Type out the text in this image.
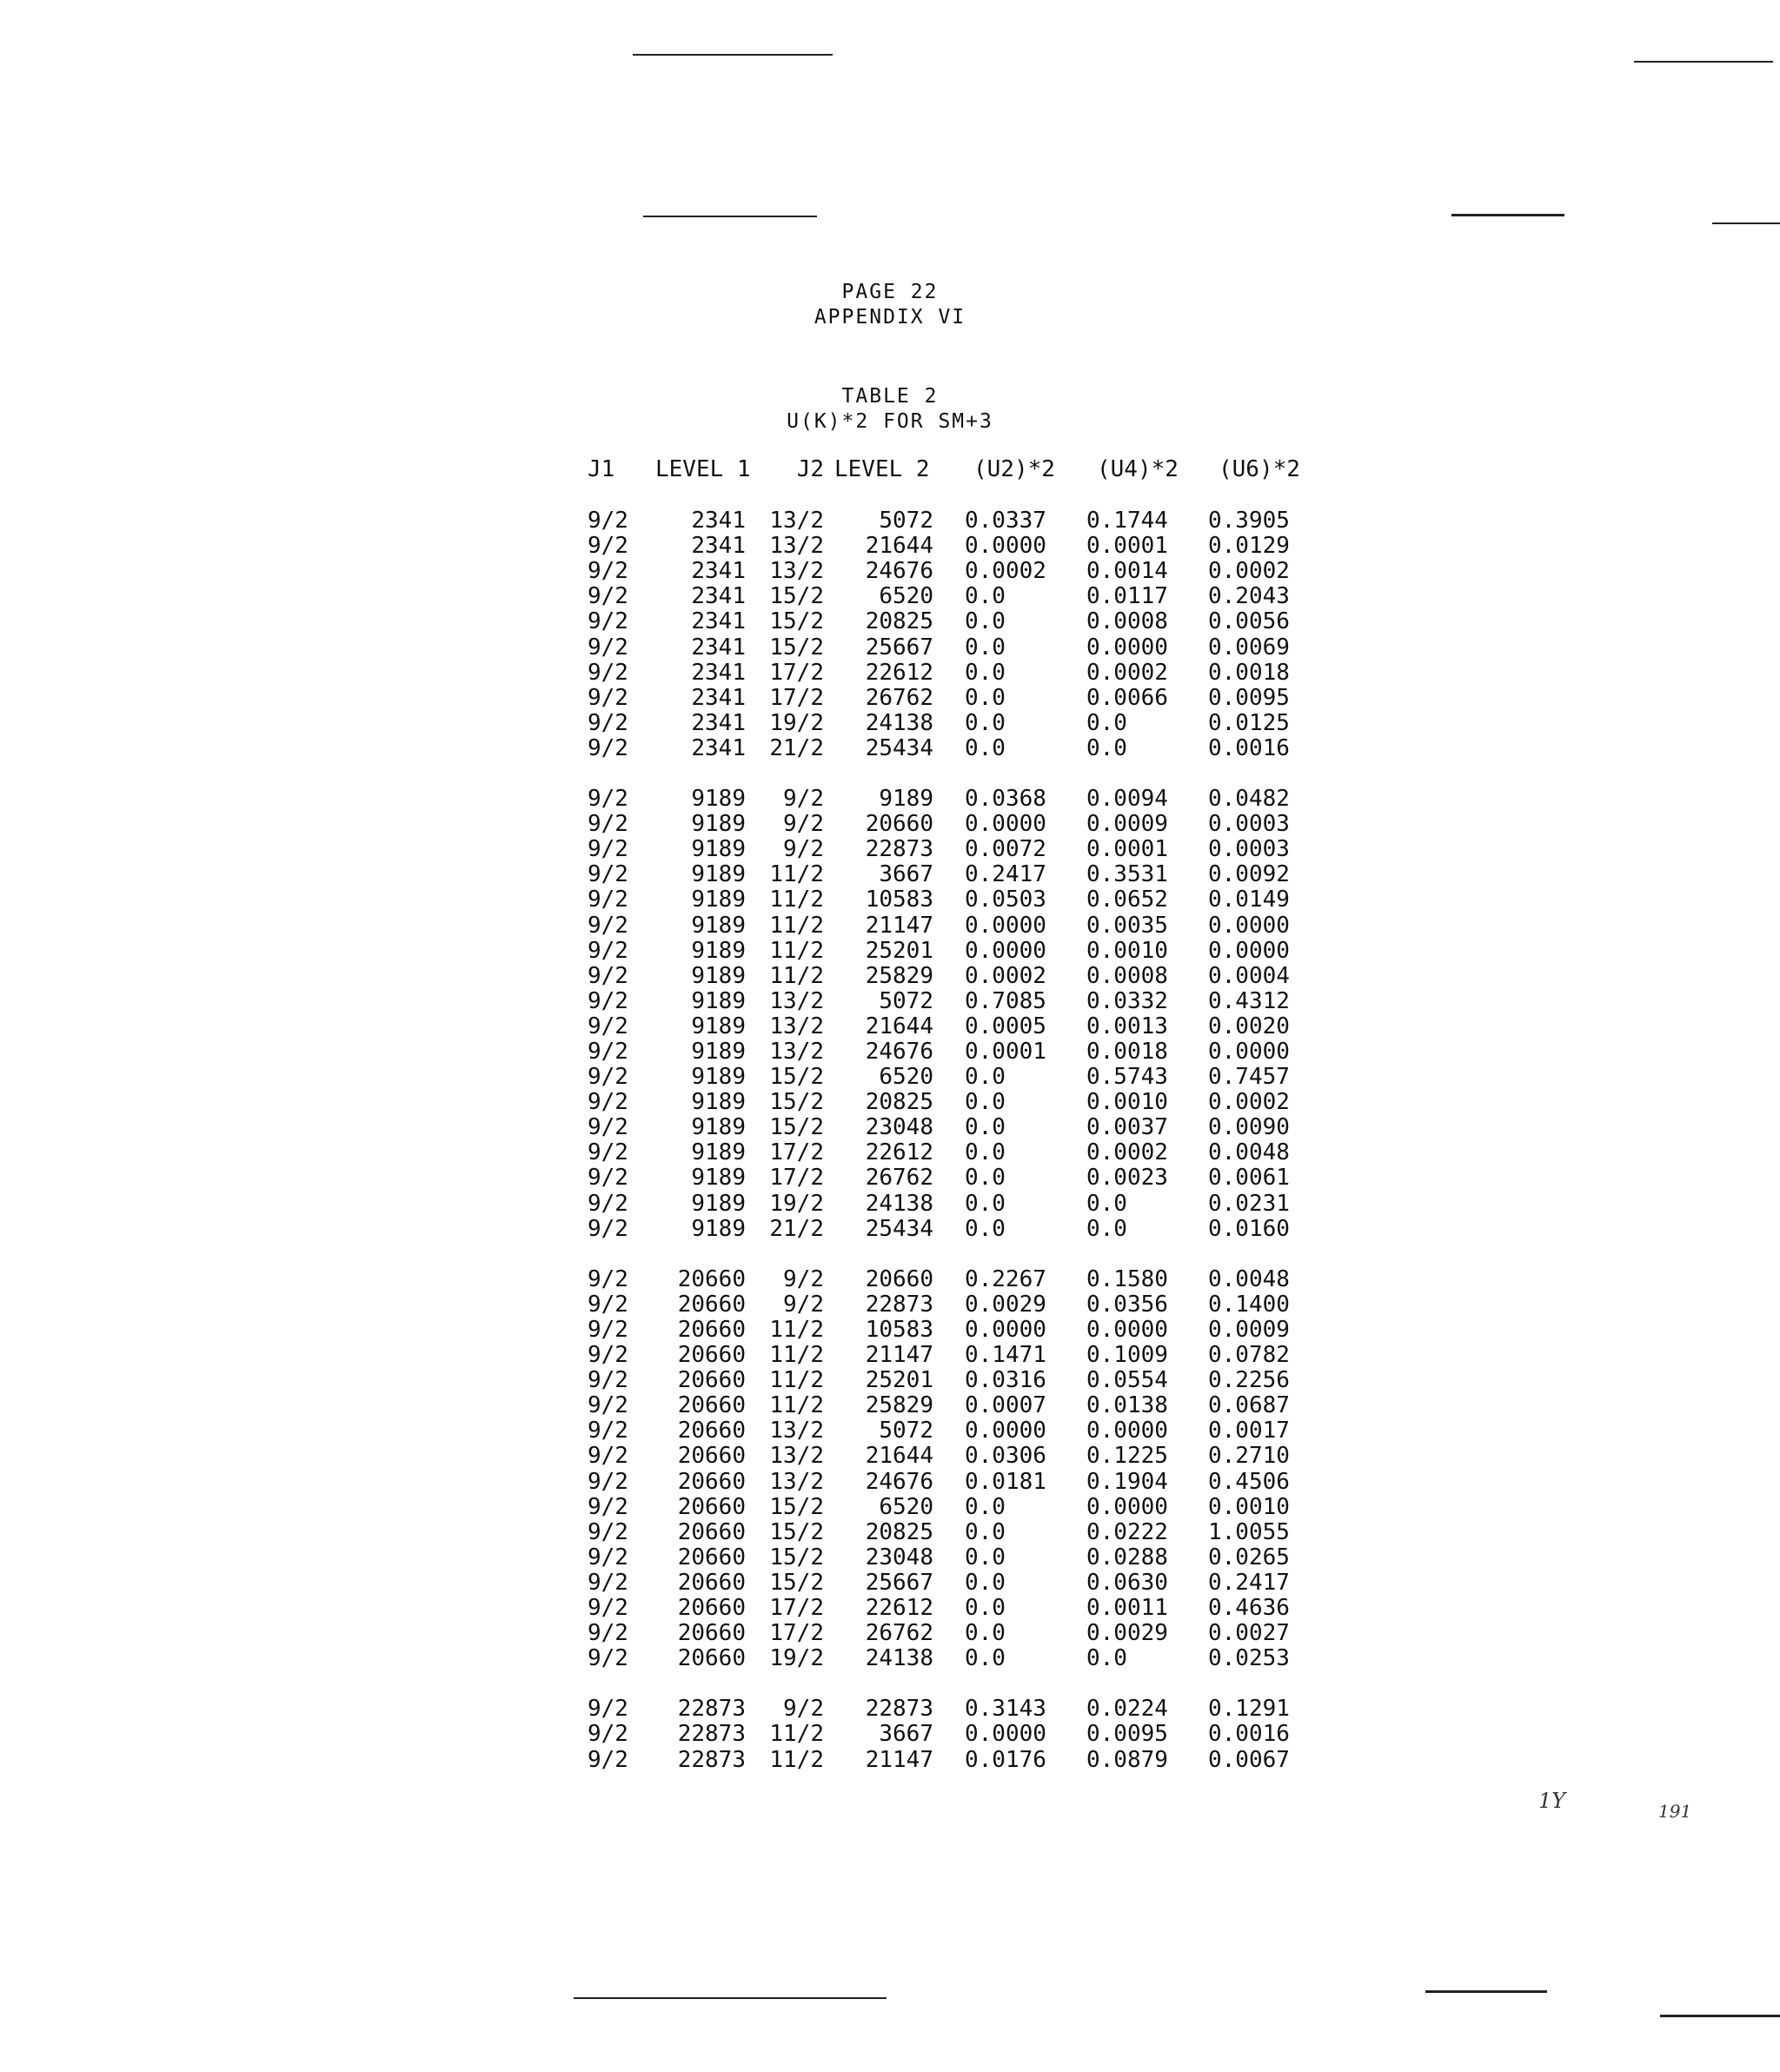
PAGE 22
APPENDIX VI
TABLE 2
U(K)*2 FOR SM+3
J1	LEVEL 1	J2 LEVEL 2	(U2)*2	(U4)*2	(U6)*2
9/2	2341	13/2	5072 0.0337	0.1744	0.3905
9/2	2341	13/2	21644 0.0000	0.0001	0.0129
9/2	2341	13/2	24676 0.0002	0.0014	0.0002
9/2	2341	15/2	6520 0.0	0.0117	0.2043
9/2	2341	15/2	20825 0.0	0.0008	0.0056
9/2	2341	15/2	25667 0.0	0.0000	0.0069
9/2	2341	17/2	22612 0.0	0.0002	0.0018
9/2	2341	17/2	26762 0.0	0.0066	0.0095
9/2	2341	19/2	24138 0.0	0.0	0.0125
9/2	2341	21/2	25434 0.0	0.0	0.0016
9/2	9189	9/2	9189 0.0368	0.0094	0.0482
9/2	9189	9/2	20660 0.0000	0.0009	0.0003
9/2	9189	9/2	22873 0.0072	0.0001	0.0003
9/2	9189	11/2	3667 0.2417	0.3531	0.0092
9/2	9189	11/2	10583 0.0503	0.0652	0.0149
9/2	9189	11/2	21147 0.0000	0.0035	0.0000
9/2	9189	11/2	25201 0.0000	0.0010	0.0000
9/2	9189	11/2	25829 0.0002	0.0008	0.0004
9/2	9189	13/2	5072 0.7085	0.0332	0.4312
9/2	9189	13/2	21644 0.0005	0.0013	0.0020
9/2	9189	13/2	24676 0.0001	0.0018	0.0000
9/2	9189	15/2	6520 0.0	0.5743	0.7457
9/2	9189	15/2	20825 0.0	0.0010	0.0002
9/2	9189	15/2	23048 0.0	0.0037	0.0090
9/2	9189	17/2	22612 0.0	0.0002	0.0048
9/2	9189	17/2	26762 0.0	0.0023	0.0061
9/2	9189	19/2	24138 0.0	0.0	0.0231
9/2	9189	21/2	25434 0.0	0.0	0.0160
9/2	20660	9/2	20660 0.2267	0.1580	0.0048
9/2	20660	9/2	22873 0.0029	0.0356	0.1400
9/2	20660	11/2	10583 0.0000	0.0000	0.0009
9/2	20660	11/2	21147 0.1471	0.1009	0.0782
9/2	20660	11/2	25201 0.0316	0.0554	0.2256
9/2	20660	11/2	25829 0.0007	0.0138	0.0687
9/2	20660	13/2	5072 0.0000	0.0000	0.0017
9/2	20660	13/2	21644 0.0306	0.1225	0.2710
9/2	20660	13/2	24676 0.0181	0.1904	0.4506
9/2	20660	15/2	6520 0.0	0.0000	0.0010
9/2	20660	15/2	20825 0.0	0.0222	1.0055
9/2	20660	15/2	23048 0.0	0.0288	0.0265
9/2	20660	15/2	25667 0.0	0.0630	0.2417
9/2	20660	17/2	22612 0.0	0.0011	0.4636
9/2	20660	17/2	26762 0.0	0.0029	0.0027
9/2	20660	19/2	24138 0.0	0.0	0.0253
9/2	22873	9/2	22873 0.3143	0.0224	0.1291
9/2	22873	11/2	3667 0.0000	0.0095	0.0016
9/2	22873	11/2	21147 0.0176	0.0879	0.0067
1Y	191
